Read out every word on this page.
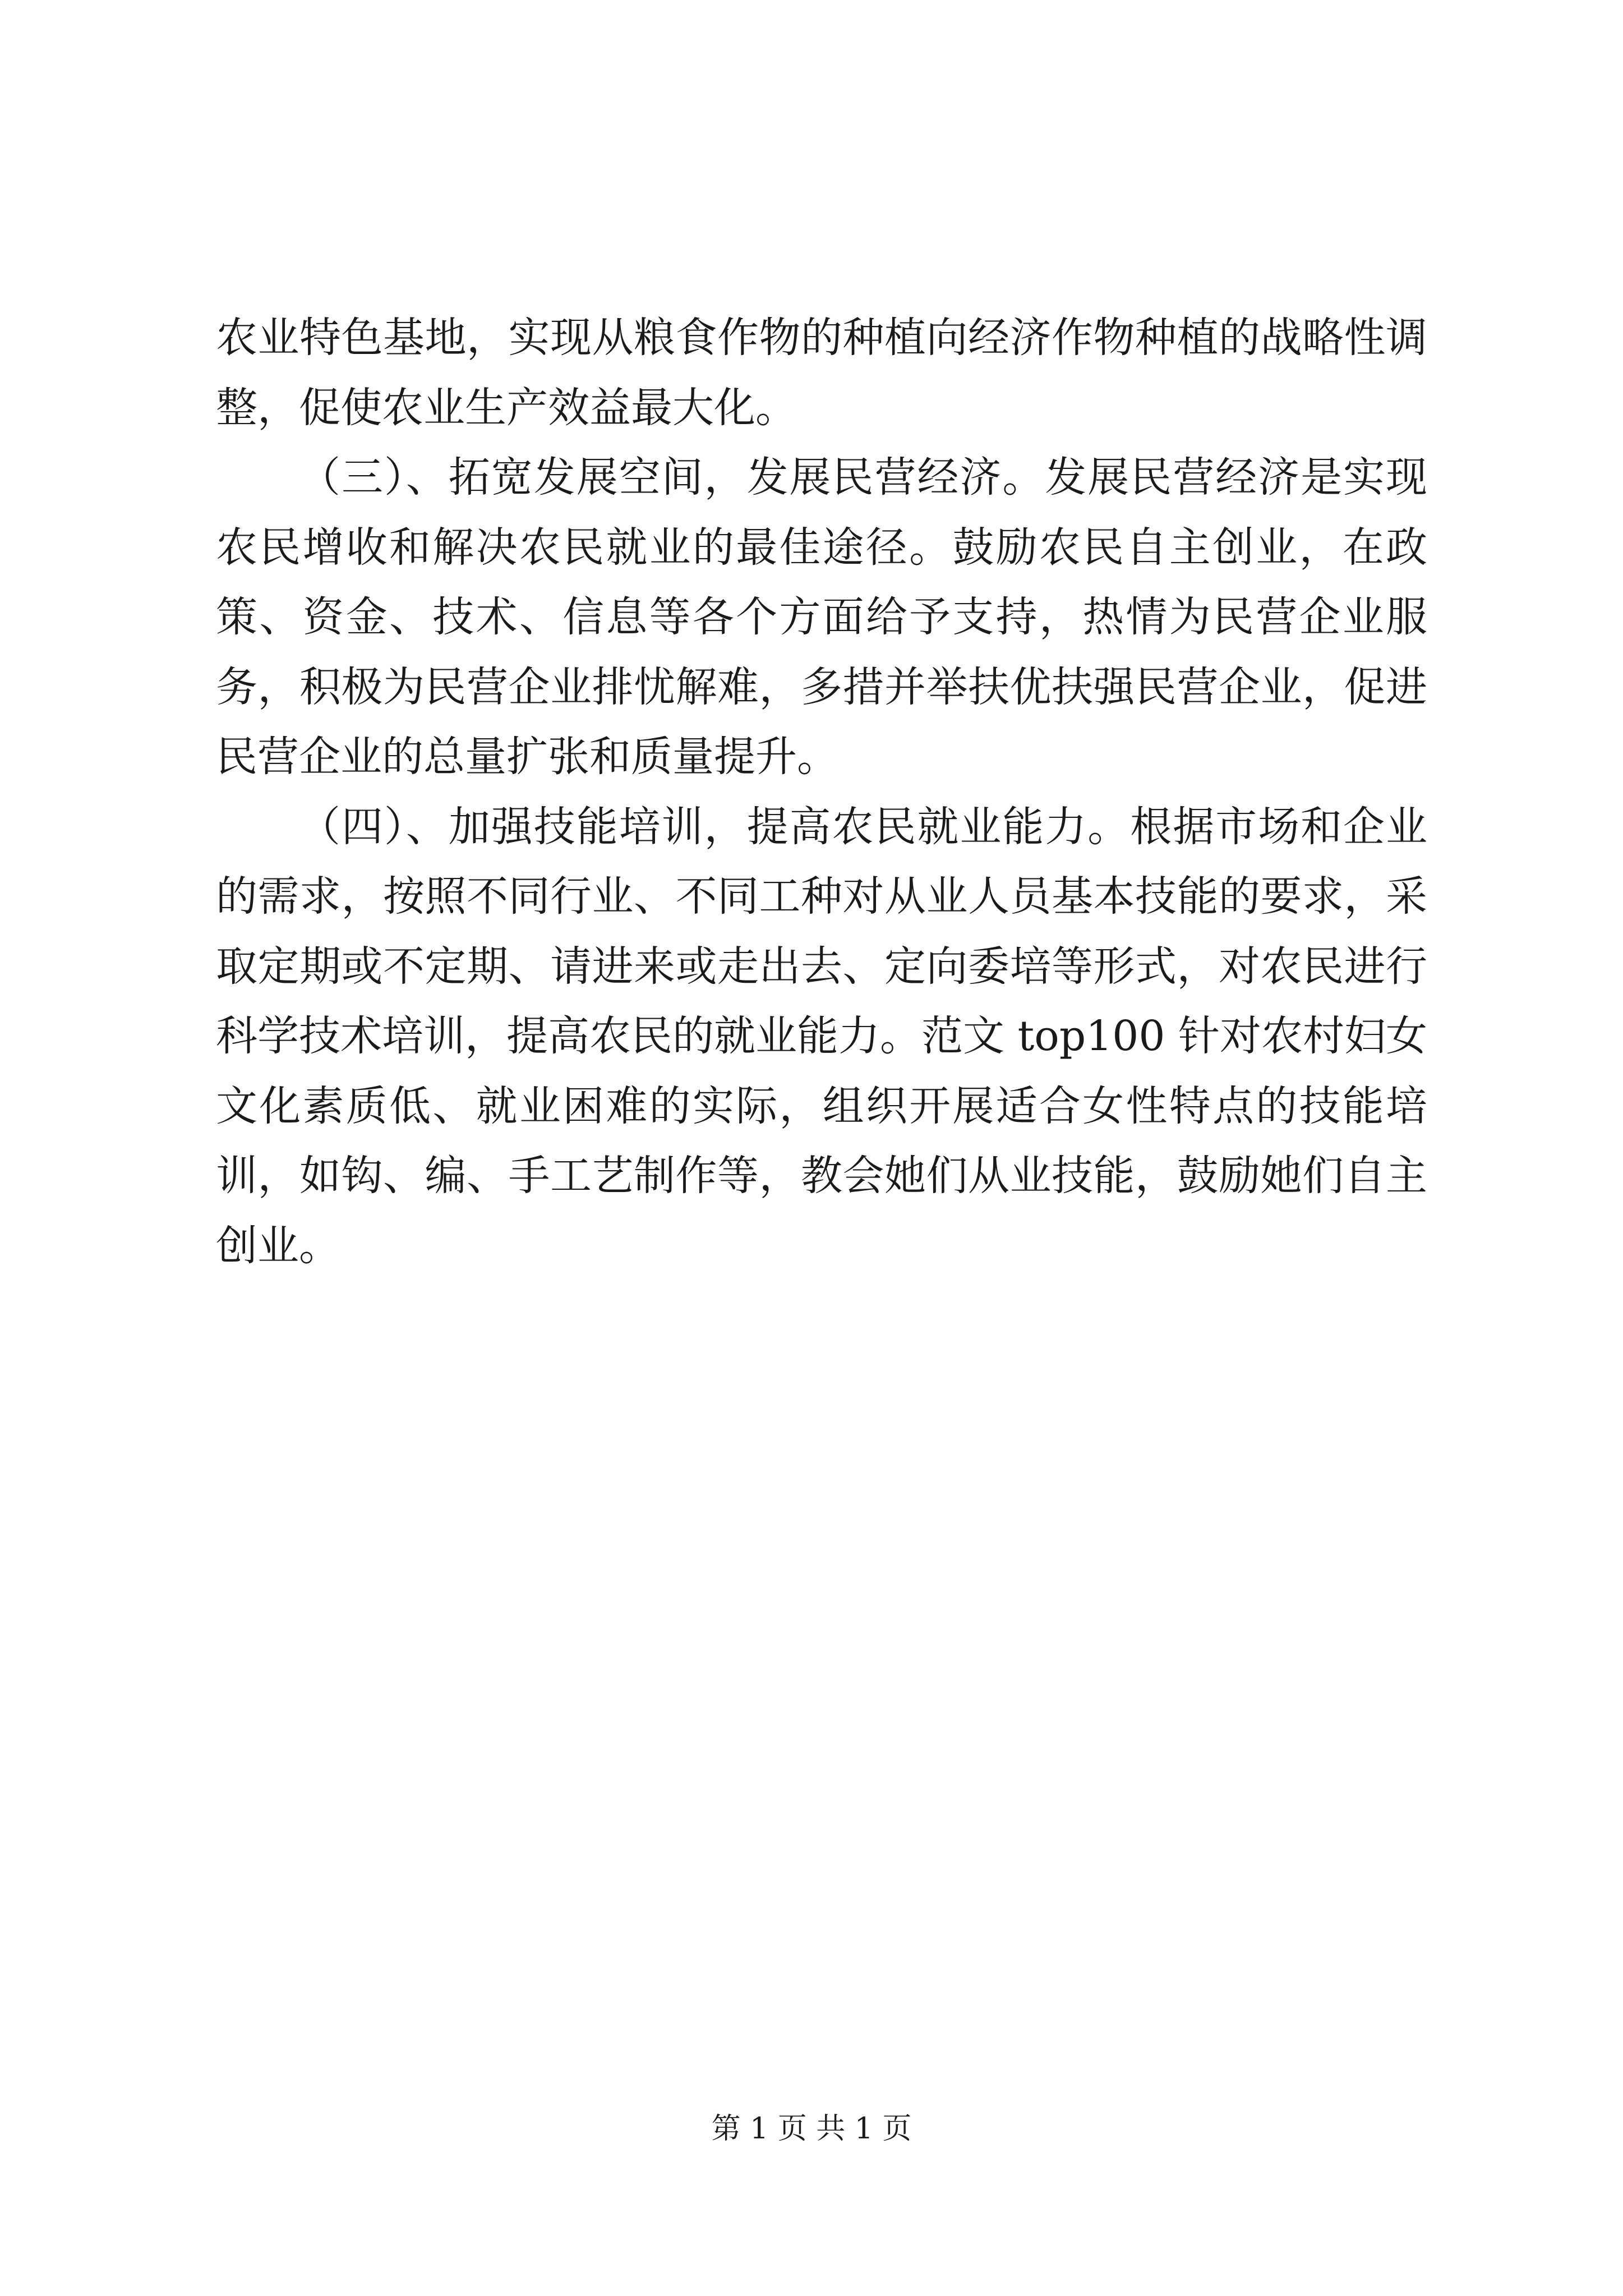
农业特色基地，实现从粮食作物的种植向经济作物种植的战略性调整，促使农业生产效益最大化。

（三）、拓宽发展空间，发展民营经济。发展民营经济是实现农民增收和解决农民就业的最佳途径。鼓励农民自主创业，在政策、资金、技术、信息等各个方面给予支持，热情为民营企业服务，积极为民营企业排忧解难，多措并举扶优扶强民营企业，促进民营企业的总量扩张和质量提升。

（四）、加强技能培训，提高农民就业能力。根据市场和企业的需求，按照不同行业、不同工种对从业人员基本技能的要求，采取定期或不定期、请进来或走出去、定向委培等形式，对农民进行科学技术培训，提高农民的就业能力。范文 top100 针对农村妇女文化素质低、就业困难的实际，组织开展适合女性特点的技能培训，如钩、编、手工艺制作等，教会她们从业技能，鼓励她们自主创业。

第 1 页 共 1 页
